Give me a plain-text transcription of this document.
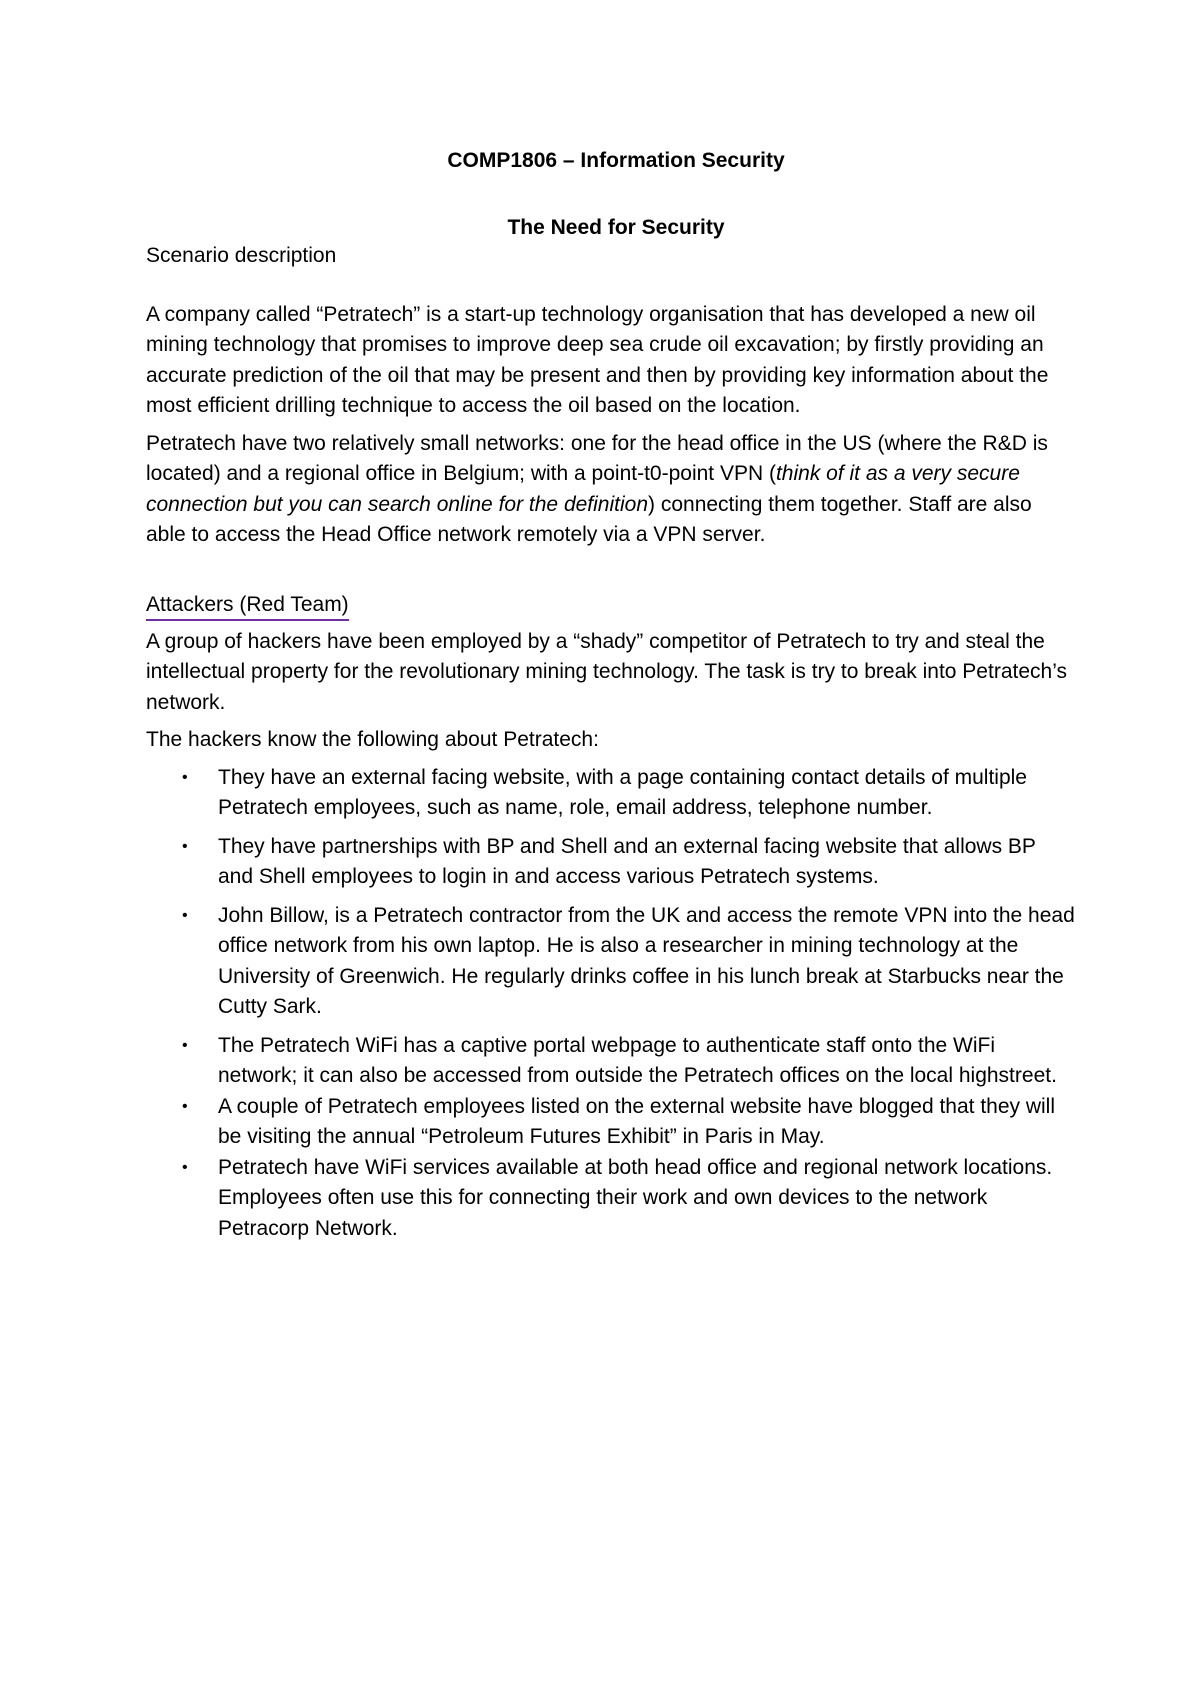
COMP1806 – Information Security

The Need for Security

Scenario description

A company called “Petratech” is a start-up technology organisation that has developed a new oil mining technology that promises to improve deep sea crude oil excavation; by firstly providing an accurate prediction of the oil that may be present and then by providing key information about the most efficient drilling technique to access the oil based on the location.

Petratech have two relatively small networks: one for the head office in the US (where the R&D is located) and a regional office in Belgium; with a point-t0-point VPN (think of it as a very secure connection but you can search online for the definition) connecting them together. Staff are also able to access the Head Office network remotely via a VPN server.

Attackers (Red Team)

A group of hackers have been employed by a “shady” competitor of Petratech to try and steal the intellectual property for the revolutionary mining technology. The task is try to break into Petratech’s network.

The hackers know the following about Petratech:

• They have an external facing website, with a page containing contact details of multiple Petratech employees, such as name, role, email address, telephone number.
• They have partnerships with BP and Shell and an external facing website that allows BP and Shell employees to login in and access various Petratech systems.
• John Billow, is a Petratech contractor from the UK and access the remote VPN into the head office network from his own laptop. He is also a researcher in mining technology at the University of Greenwich. He regularly drinks coffee in his lunch break at Starbucks near the Cutty Sark.
• The Petratech WiFi has a captive portal webpage to authenticate staff onto the WiFi network; it can also be accessed from outside the Petratech offices on the local highstreet.
• A couple of Petratech employees listed on the external website have blogged that they will be visiting the annual “Petroleum Futures Exhibit” in Paris in May.
• Petratech have WiFi services available at both head office and regional network locations. Employees often use this for connecting their work and own devices to the network Petracorp Network.
